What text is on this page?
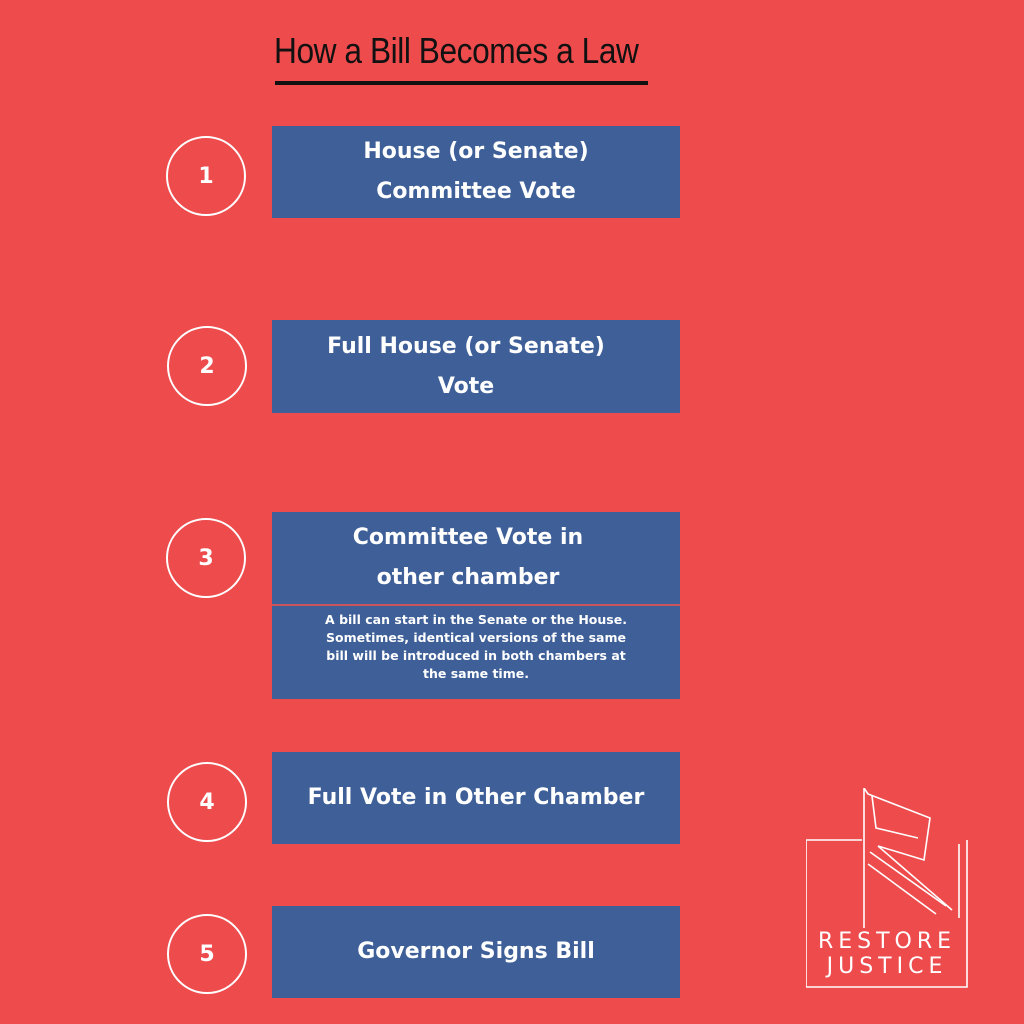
How a Bill Becomes a Law
1
House (or Senate)
Committee Vote
2
Full House (or Senate)
Vote
3
Committee Vote in
other chamber
A bill can start in the Senate or the House.
Sometimes, identical versions of the same
bill will be introduced in both chambers at
the same time.
4	Full Vote in Other Chamber
5	Governor Signs Bill	RESTORE
JUSTICE
